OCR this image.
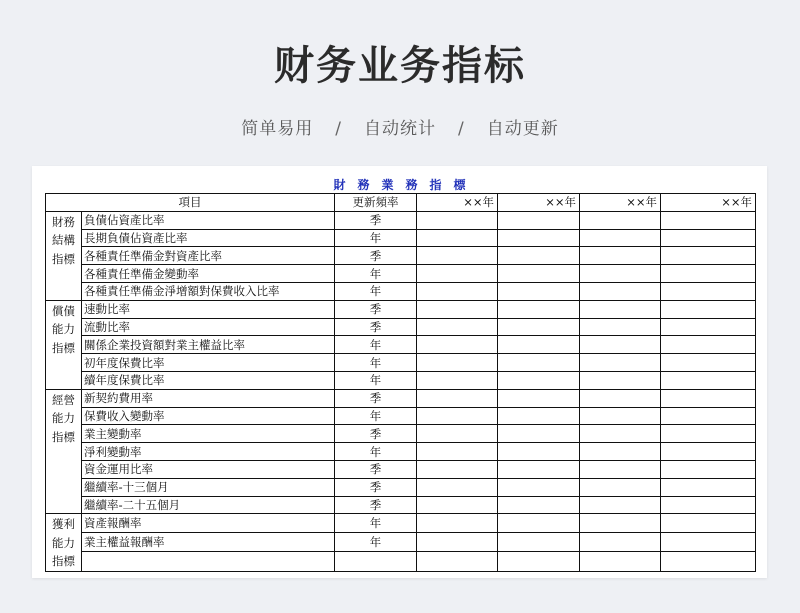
财务业务指标
简单易用 / 自动统计 / 自动更新
財　務　業　務　指　標
項目		更新頻率	××年	××年	××年	××年
財務結構指標	負債佔資產比率	季				
	長期負債佔資產比率	年				
	各種責任準備金對資產比率	季				
	各種責任準備金變動率	年				
	各種責任準備金淨增額對保費收入比率	年				
償債能力指標	速動比率	季				
	流動比率	季				
	關係企業投資額對業主權益比率	年				
	初年度保費比率	年				
	續年度保費比率	年				
經營能力指標	新契約費用率	季				
	保費收入變動率	年				
	業主變動率	季				
	淨利變動率	年				
	資金運用比率	季				
	繼續率-十三個月	季				
	繼續率-二十五個月	季				
獲利能力指標	資產報酬率	年				
	業主權益報酬率	年				
